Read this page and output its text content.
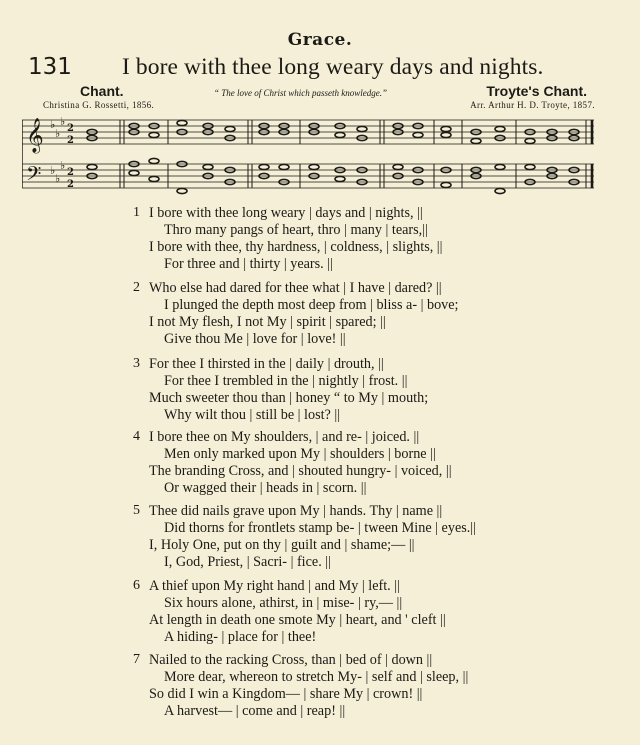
Grace.
131 I bore with thee long weary days and nights.
Chant.	Troyte's Chant.
Christina G. Rossetti, 1856.
“ The love of Christ which passeth knowledge.”
Arr. Arthur H. D. Troyte, 1857.
𝄞
𝄢
♭
♭
♭
♭
♭
♭
2
2
2
2
1 I bore with thee long weary | days and | nights, ||
Thro many pangs of heart, thro | many | tears,||
I bore with thee, thy hardness, | coldness, | slights, ||
For three and | thirty | years. ||
2 Who else had dared for thee what | I have | dared? ||
I plunged the depth most deep from | bliss a- | bove;
I not My flesh, I not My | spirit | spared; ||
Give thou Me | love for | love! ||
3 For thee I thirsted in the | daily | drouth, ||
For thee I trembled in the | nightly | frost. ||
Much sweeter thou than | honey “ to My | mouth;
Why wilt thou | still be | lost? ||
4 I bore thee on My shoulders, | and re- | joiced. ||
Men only marked upon My | shoulders | borne ||
The branding Cross, and | shouted hungry- | voiced, ||
Or wagged their | heads in | scorn. ||
5 Thee did nails grave upon My | hands. Thy | name ||
Did thorns for frontlets stamp be- | tween Mine | eyes.||
I, Holy One, put on thy | guilt and | shame;— ||
I, God, Priest, | Sacri- | fice. ||
6 A thief upon My right hand | and My | left. ||
Six hours alone, athirst, in | mise- | ry,— ||
At length in death one smote My | heart, and ' cleft ||
A hiding- | place for | thee!
7 Nailed to the racking Cross, than | bed of | down ||
More dear, whereon to stretch My- | self and | sleep, ||
So did I win a Kingdom— | share My | crown! ||
A harvest— | come and | reap! ||
